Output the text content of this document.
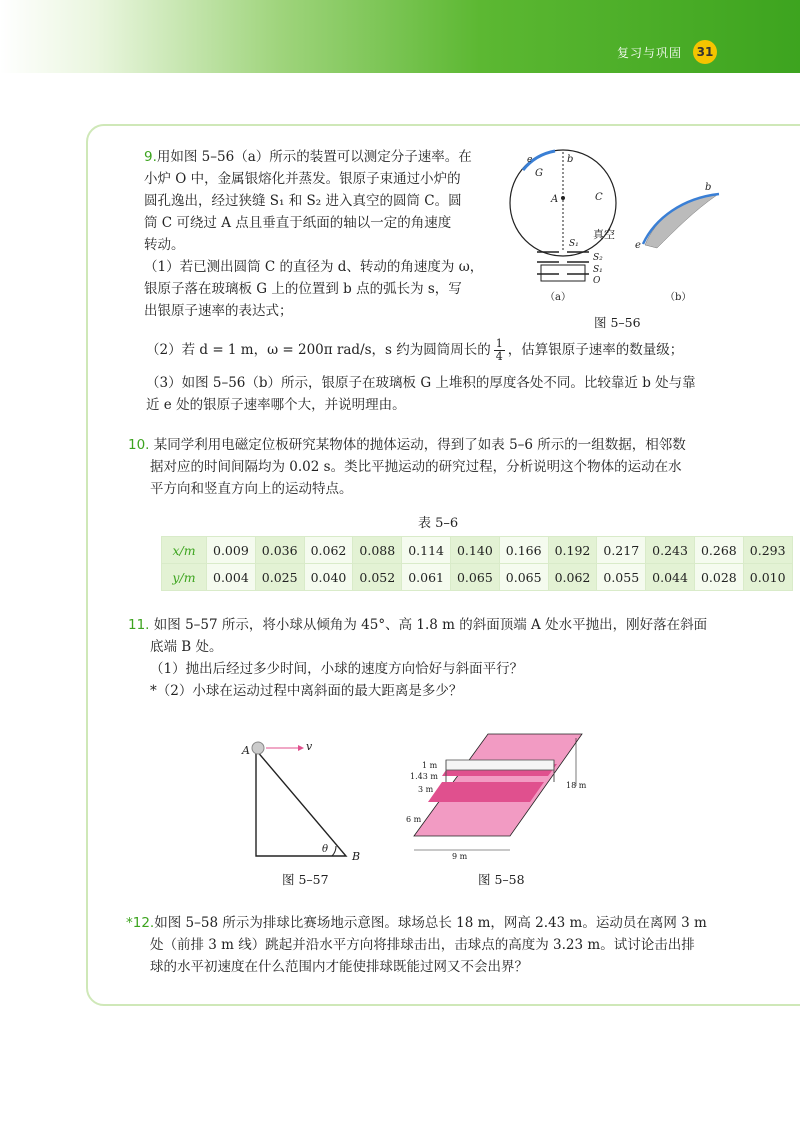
复习与巩固	31
9.用如图 5–56（a）所示的装置可以测定分子速率。在
小炉 O 中，金属银熔化并蒸发。银原子束通过小炉的
圆孔逸出，经过狭缝 S₁ 和 S₂ 进入真空的圆筒 C。圆
筒 C 可绕过 A 点且垂直于纸面的轴以一定的角速度
转动。
（1）若已测出圆筒 C 的直径为 d、转动的角速度为 ω，
银原子落在玻璃板 G 上的位置到 b 点的弧长为 s，写
出银原子速率的表达式；
（2）若 d = 1 m，ω = 200π rad/s，s 约为圆筒周长的 $\frac{1}{4}$ ，估算银原子速率的数量级；
（3）如图 5–56（b）所示，银原子在玻璃板 G 上堆积的厚度各处不同。比较靠近 b 处与靠
近 e 处的银原子速率哪个大，并说明理由。
e
G
b
A	C
真空
S₁
S₂
S₁
O
（a）
e
b
（b）
图 5–56
10. 某同学利用电磁定位板研究某物体的抛体运动，得到了如表 5–6 所示的一组数据，相邻数
据对应的时间间隔均为 0.02 s。类比平抛运动的研究过程，分析说明这个物体的运动在水
平方向和竖直方向上的运动特点。
表 5–6
x/m	0.009	0.036	0.062	0.088	0.114	0.140	0.166	0.192	0.217	0.243	0.268	0.293
y/m	0.004	0.025	0.040	0.052	0.061	0.065	0.065	0.062	0.055	0.044	0.028	0.010
11. 如图 5–57 所示，将小球从倾角为 45°、高 1.8 m 的斜面顶端 A 处水平抛出，刚好落在斜面
底端 B 处。
（1）抛出后经过多少时间，小球的速度方向恰好与斜面平行？
*（2）小球在运动过程中离斜面的最大距离是多少？
A
B
v
θ
图 5–57
1 m
1.43 m
3 m
6 m
9 m
18 m
图 5–58
*12.如图 5–58 所示为排球比赛场地示意图。球场总长 18 m，网高 2.43 m。运动员在离网 3 m
处（前排 3 m 线）跳起并沿水平方向将排球击出，击球点的高度为 3.23 m。试讨论击出排
球的水平初速度在什么范围内才能使排球既能过网又不会出界？
